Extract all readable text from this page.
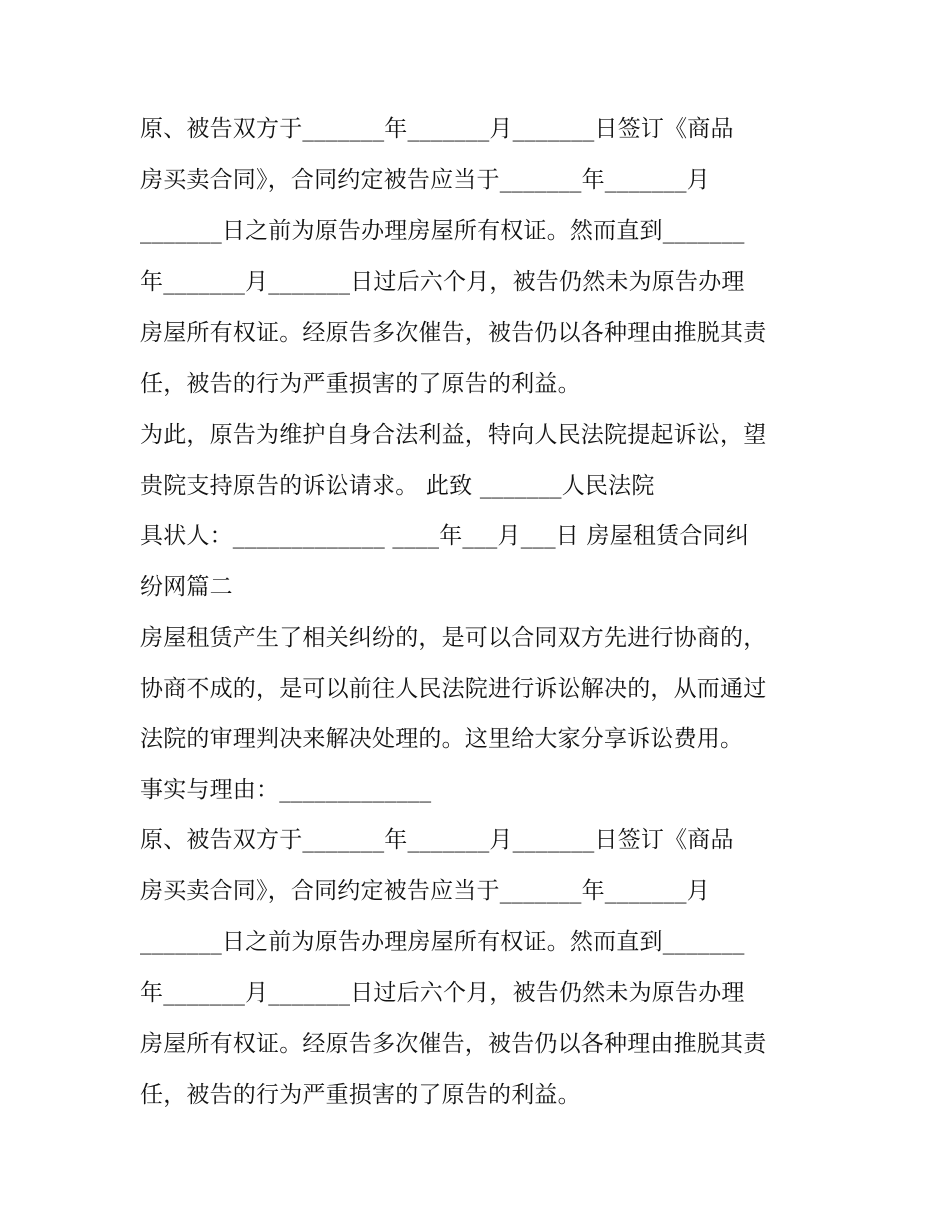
原、被告双方于_______年_______月_______日签订《商品
房买卖合同》，合同约定被告应当于_______年_______月
_______日之前为原告办理房屋所有权证。然而直到_______
年_______月_______日过后六个月，被告仍然未为原告办理
房屋所有权证。经原告多次催告，被告仍以各种理由推脱其责
任，被告的行为严重损害的了原告的利益。
为此，原告为维护自身合法利益，特向人民法院提起诉讼，望
贵院支持原告的诉讼请求。 此致 _______人民法院
具状人：_____________ ____年___月___日 房屋租赁合同纠
纷网篇二
房屋租赁产生了相关纠纷的，是可以合同双方先进行协商的，
协商不成的，是可以前往人民法院进行诉讼解决的，从而通过
法院的审理判决来解决处理的。这里给大家分享诉讼费用。
事实与理由：_____________
原、被告双方于_______年_______月_______日签订《商品
房买卖合同》，合同约定被告应当于_______年_______月
_______日之前为原告办理房屋所有权证。然而直到_______
年_______月_______日过后六个月，被告仍然未为原告办理
房屋所有权证。经原告多次催告，被告仍以各种理由推脱其责
任，被告的行为严重损害的了原告的利益。
